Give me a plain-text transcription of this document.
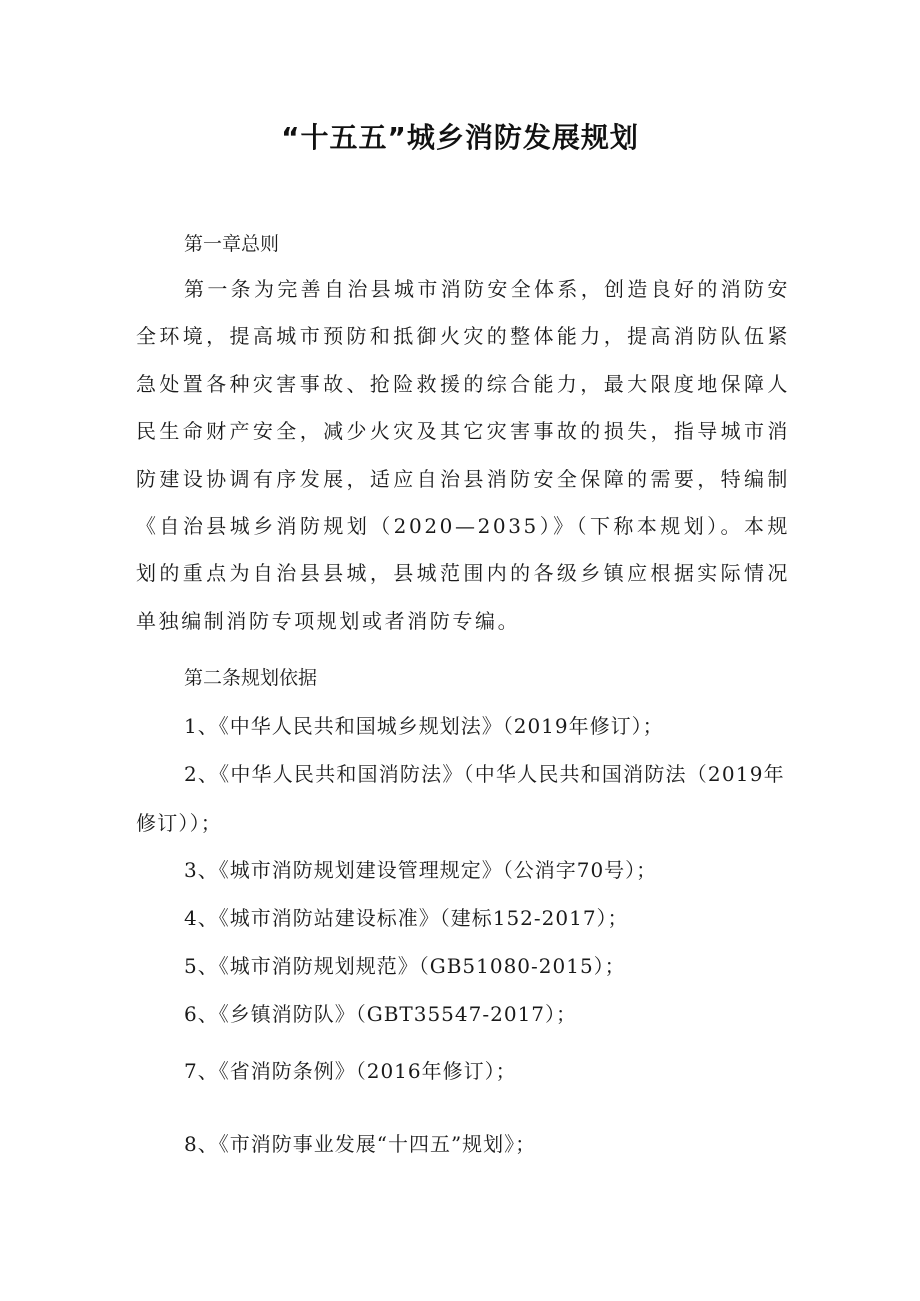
“十五五”城乡消防发展规划
第一章总则
第一条为完善自治县城市消防安全体系，创造良好的消防安全环境，提高城市预防和抵御火灾的整体能力，提高消防队伍紧急处置各种灾害事故、抢险救援的综合能力，最大限度地保障人民生命财产安全，减少火灾及其它灾害事故的损失，指导城市消防建设协调有序发展，适应自治县消防安全保障的需要，特编制《自治县城乡消防规划（2020—2035）》（下称本规划）。本规划的重点为自治县县城，县城范围内的各级乡镇应根据实际情况单独编制消防专项规划或者消防专编。
第二条规划依据
1、《中华人民共和国城乡规划法》（2019年修订）；
2、《中华人民共和国消防法》（中华人民共和国消防法（2019年修订））；
3、《城市消防规划建设管理规定》（公消字70号）；
4、《城市消防站建设标准》（建标152-2017）；
5、《城市消防规划规范》（GB51080-2015）；
6、《乡镇消防队》（GBT35547-2017）；
7、《省消防条例》（2016年修订）；
8、《市消防事业发展“十四五”规划》；
